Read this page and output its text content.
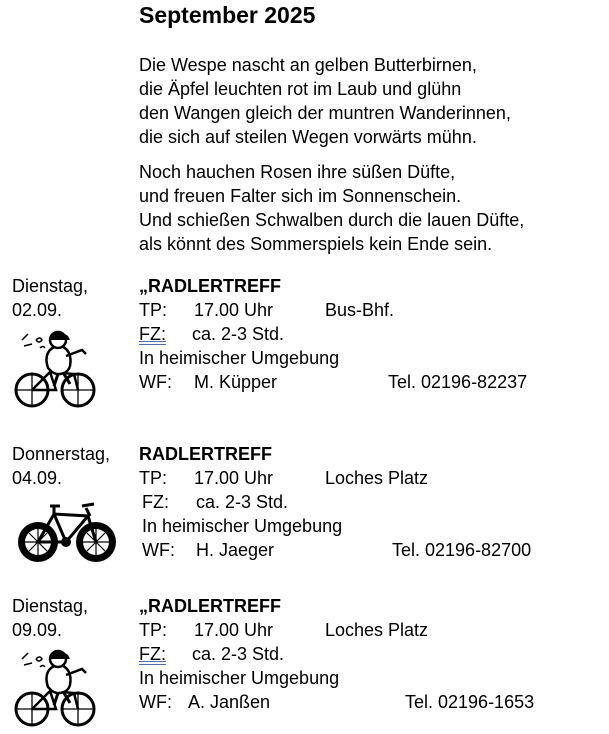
September 2025
Die Wespe nascht an gelben Butterbirnen,
die Äpfel leuchten rot im Laub und glühn
den Wangen gleich der muntren Wanderinnen,
die sich auf steilen Wegen vorwärts mühn.
Noch hauchen Rosen ihre süßen Düfte,
und freuen Falter sich im Sonnenschein.
Und schießen Schwalben durch die lauen Düfte,
als könnt des Sommerspiels kein Ende sein.
Dienstag,
02.09.
„RADLERTREFF
TP: 17.00 Uhr	Bus-Bhf.
FZ: ca. 2-3 Std.
In heimischer Umgebung
WF: M. Küpper	Tel. 02196-82237
Donnerstag,
04.09.
RADLERTREFF
TP: 17.00 Uhr	Loches Platz
FZ: ca. 2-3 Std.
In heimischer Umgebung
WF: H. Jaeger	Tel. 02196-82700
Dienstag,
09.09.
„RADLERTREFF
TP: 17.00 Uhr	Loches Platz
FZ: ca. 2-3 Std.
In heimischer Umgebung
WF: A. Janßen	Tel. 02196-1653
